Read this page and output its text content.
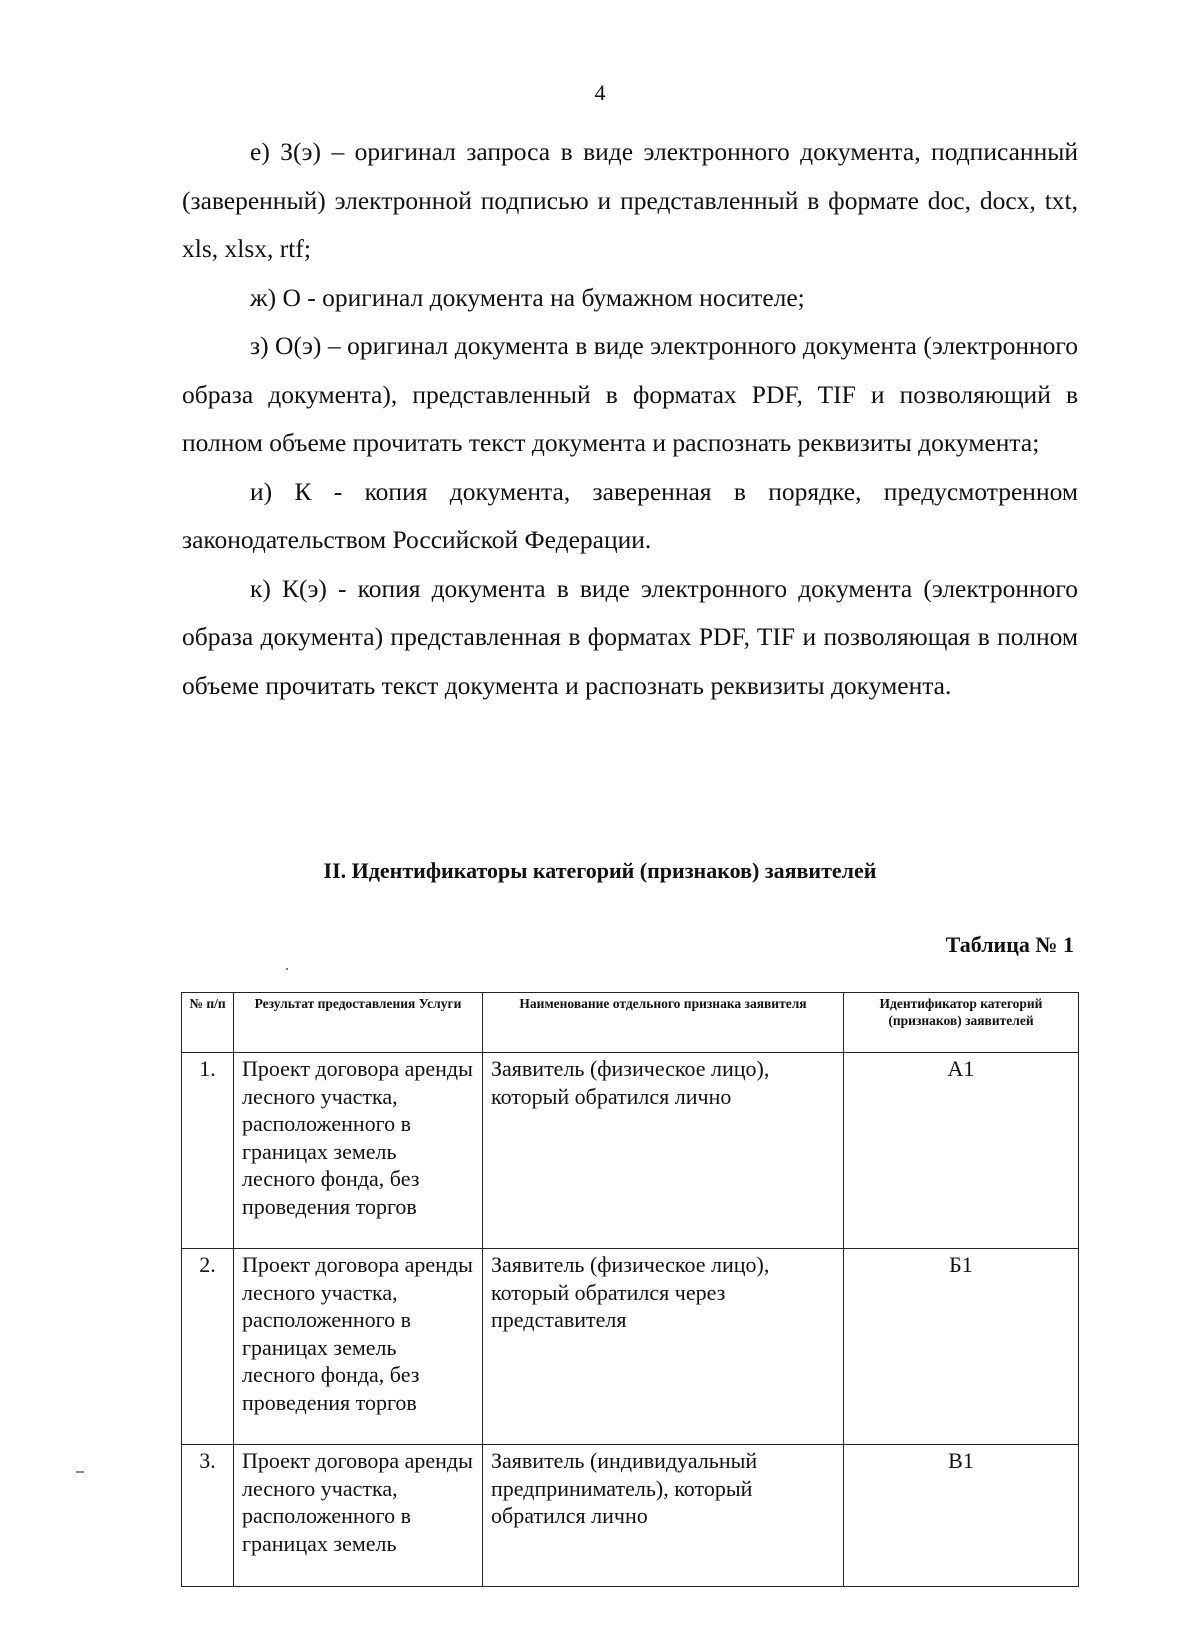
4

е) З(э) – оригинал запроса в виде электронного документа, подписанный (заверенный) электронной подписью и представленный в формате doc, docx, txt, xls, xlsx, rtf;

ж) О - оригинал документа на бумажном носителе;

з) О(э) – оригинал документа в виде электронного документа (электронного образа документа), представленный в форматах PDF, TIF и позволяющий в полном объеме прочитать текст документа и распознать реквизиты документа;

и) К - копия документа, заверенная в порядке, предусмотренном законодательством Российской Федерации.

к) К(э) - копия документа в виде электронного документа (электронного образа документа) представленная в форматах PDF, TIF и позволяющая в полном объеме прочитать текст документа и распознать реквизиты документа.

II. Идентификаторы категорий (признаков) заявителей
Таблица № 1
№ п/п	Результат предоставления Услуги	Наименование отдельного признака заявителя	Идентификатор категорий (признаков) заявителей
1.	Проект договора аренды лесного участка, расположенного в границах земель лесного фонда, без проведения торгов	Заявитель (физическое лицо), который обратился лично	А1
2.	Проект договора аренды лесного участка, расположенного в границах земель лесного фонда, без проведения торгов	Заявитель (физическое лицо), который обратился через представителя	Б1
3.	Проект договора аренды лесного участка, расположенного в границах земель	Заявитель (индивидуальный предприниматель), который обратился лично	В1
